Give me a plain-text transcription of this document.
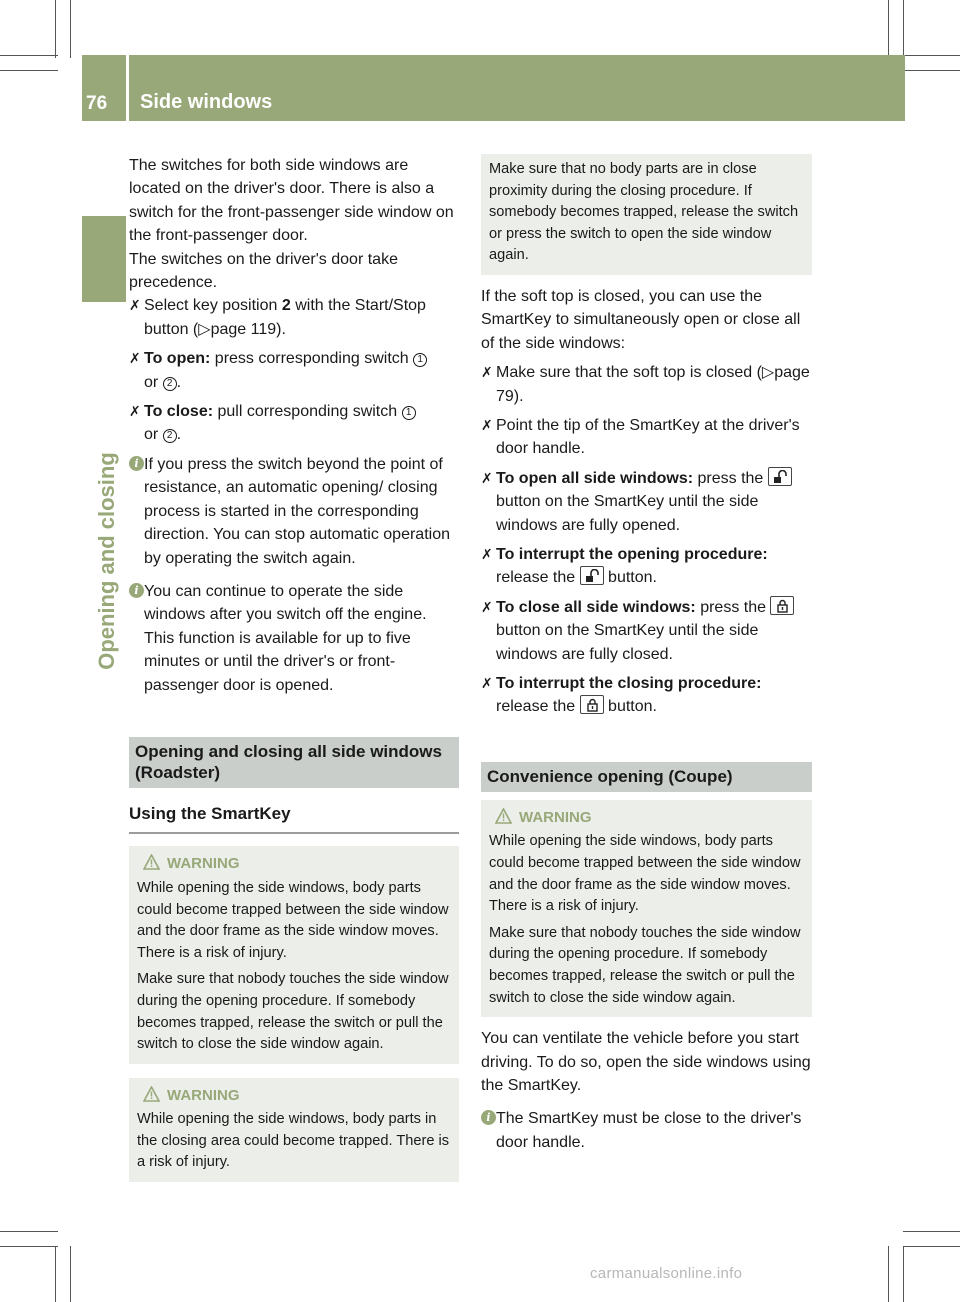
76	Side windows
Opening and closing

The switches for both side windows are located on the driver's door. There is also a switch for the front-passenger side window on the front-passenger door.

The switches on the driver's door take precedence.

✗ Select key position 2 with the Start/Stop button (▷page 119).
✗ To open: press corresponding switch 1
or 2 .
✗ To close: pull corresponding switch 1
or 2 .
i If you press the switch beyond the point of resistance, an automatic opening/ closing process is started in the corresponding direction. You can stop automatic operation by operating the switch again.
i You can continue to operate the side windows after you switch off the engine. This function is available for up to five minutes or until the driver's or front-passenger door is opened.
Opening and closing all side windows (Roadster)
Using the SmartKey
WARNING

While opening the side windows, body parts could become trapped between the side window and the door frame as the side window moves. There is a risk of injury.

Make sure that nobody touches the side window during the opening procedure. If somebody becomes trapped, release the switch or pull the switch to close the side window again.

WARNING

While opening the side windows, body parts in the closing area could become trapped. There is a risk of injury.

Make sure that no body parts are in close proximity during the closing procedure. If somebody becomes trapped, release the switch or press the switch to open the side window again.

If the soft top is closed, you can use the SmartKey to simultaneously open or close all of the side windows:

✗ Make sure that the soft top is closed (▷page 79).
✗ Point the tip of the SmartKey at the driver's door handle.
✗ To open all side windows: press the
button on the SmartKey until the side windows are fully opened.
✗ To interrupt the opening procedure:
release the
button.
✗ To close all side windows: press the
button on the SmartKey until the side windows are fully closed.
✗ To interrupt the closing procedure:
release the
button.
Convenience opening (Coupe)
WARNING

While opening the side windows, body parts could become trapped between the side window and the door frame as the side window moves. There is a risk of injury.

Make sure that nobody touches the side window during the opening procedure. If somebody becomes trapped, release the switch or pull the switch to close the side window again.

You can ventilate the vehicle before you start driving. To do so, open the side windows using the SmartKey.

i The SmartKey must be close to the driver's door handle.
carmanualsonline.info
